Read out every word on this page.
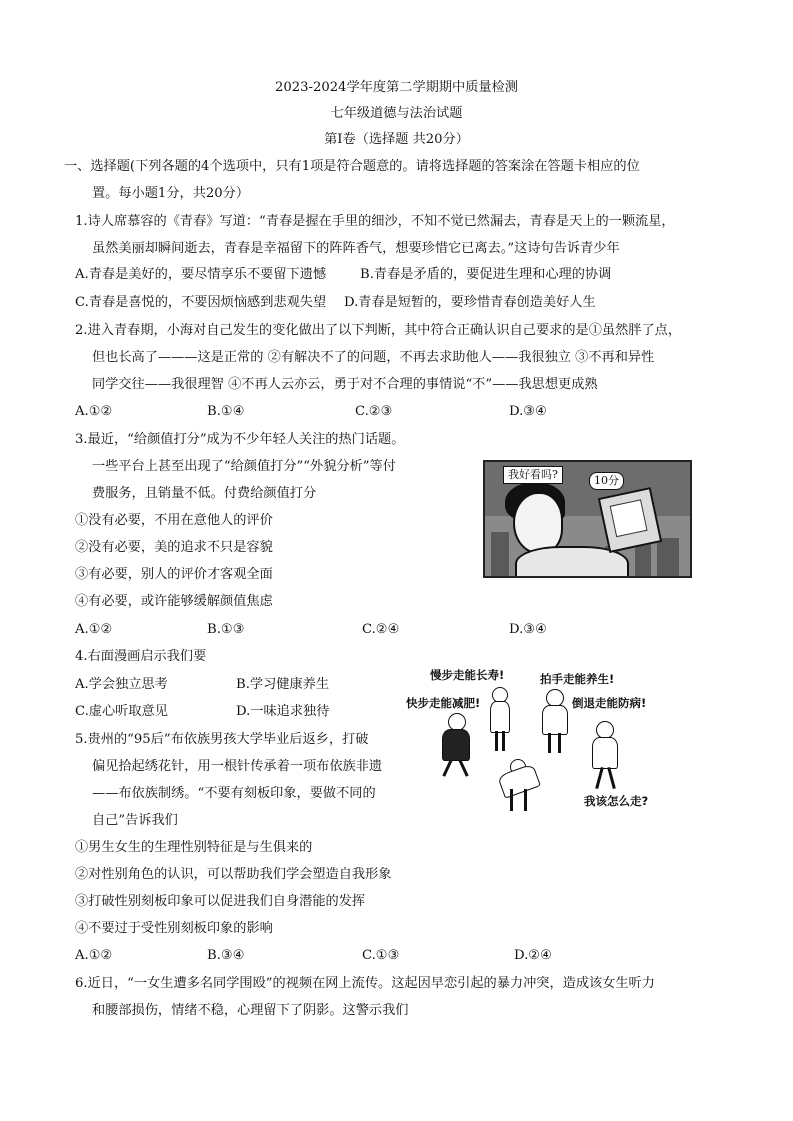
2023-2024学年度第二学期期中质量检测
七年级道德与法治试题
第Ⅰ卷（选择题 共20分）
一、选择题(下列各题的4个选项中，只有1项是符合题意的。请将选择题的答案涂在答题卡相应的位
置。每小题1分，共20分）
1.诗人席慕容的《青春》写道：“青春是握在手里的细沙，不知不觉已然漏去，青春是天上的一颗流星，
虽然美丽却瞬间逝去，青春是幸福留下的阵阵香气，想要珍惜它已离去。”这诗句告诉青少年
A.青春是美好的，要尽情享乐不要留下遗憾	B.青春是矛盾的，要促进生理和心理的协调
C.青春是喜悦的，不要因烦恼感到悲观失望 D.青春是短暂的，要珍惜青春创造美好人生
2.进入青春期，小海对自己发生的变化做出了以下判断，其中符合正确认识自己要求的是①虽然胖了点，
但也长高了———这是正常的 ②有解决不了的问题，不再去求助他人——我很独立 ③不再和异性
同学交往——我很理智 ④不再人云亦云，勇于对不合理的事情说“不”——我思想更成熟
A.①②	B.①④	C.②③	D.③④
3.最近，“给颜值打分”成为不少年轻人关注的热门话题。
一些平台上甚至出现了“给颜值打分”“外貌分析”等付
费服务，且销量不低。付费给颜值打分
①没有必要，不用在意他人的评价
②没有必要，美的追求不只是容貌
③有必要，别人的评价才客观全面
④有必要，或许能够缓解颜值焦虑
A.①②	B.①③	C.②④	D.③④
我好看吗?	10分
4.右面漫画启示我们要
A.学会独立思考	B.学习健康养生
C.虚心听取意见	D.一味追求独待
慢步走能长寿!	拍手走能养生!
快步走能减肥!	倒退走能防病!
我该怎么走?
5.贵州的“95后”布依族男孩大学毕业后返乡，打破
偏见拾起绣花针，用一根针传承着一项布依族非遗
——布依族制绣。“不要有刻板印象，要做不同的
自己”告诉我们
①男生女生的生理性别特征是与生俱来的
②对性别角色的认识，可以帮助我们学会塑造自我形象
③打破性别刻板印象可以促进我们自身潜能的发挥
④不要过于受性别刻板印象的影响
A.①②	B.③④	C.①③	D.②④
6.近日，“一女生遭多名同学围殴”的视频在网上流传。这起因早恋引起的暴力冲突，造成该女生听力
和腰部损伤，情绪不稳，心理留下了阴影。这警示我们
